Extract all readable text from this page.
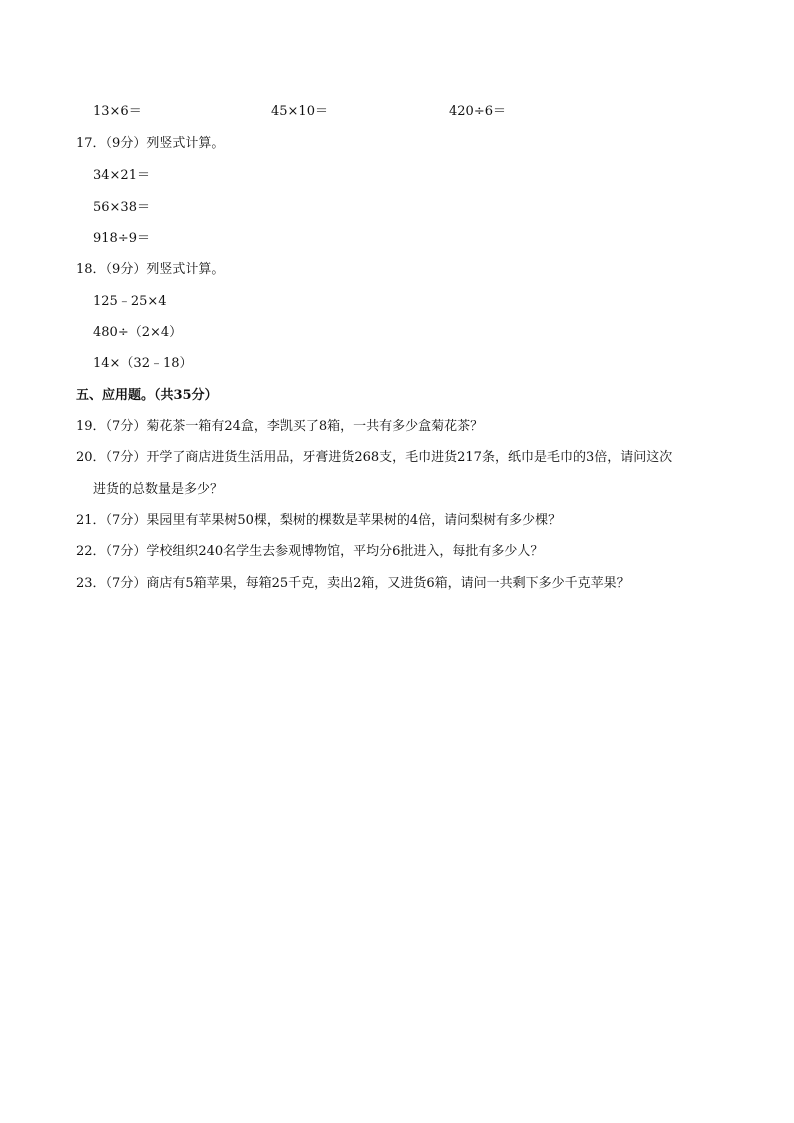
13×6＝	45×10＝	420÷6＝
17．（9分）列竖式计算。
34×21＝
56×38＝
918÷9＝
18．（9分）列竖式计算。
125﹣25×4
480÷（2×4）
14×（32﹣18）
五、应用题。（共35分）
19．（7分）菊花茶一箱有24盒，李凯买了8箱，一共有多少盒菊花茶？
20．（7分）开学了商店进货生活用品，牙膏进货268支，毛巾进货217条，纸巾是毛巾的3倍，请问这次
进货的总数量是多少？
21．（7分）果园里有苹果树50棵，梨树的棵数是苹果树的4倍，请问梨树有多少棵？
22．（7分）学校组织240名学生去参观博物馆，平均分6批进入，每批有多少人？
23．（7分）商店有5箱苹果，每箱25千克，卖出2箱，又进货6箱，请问一共剩下多少千克苹果？
